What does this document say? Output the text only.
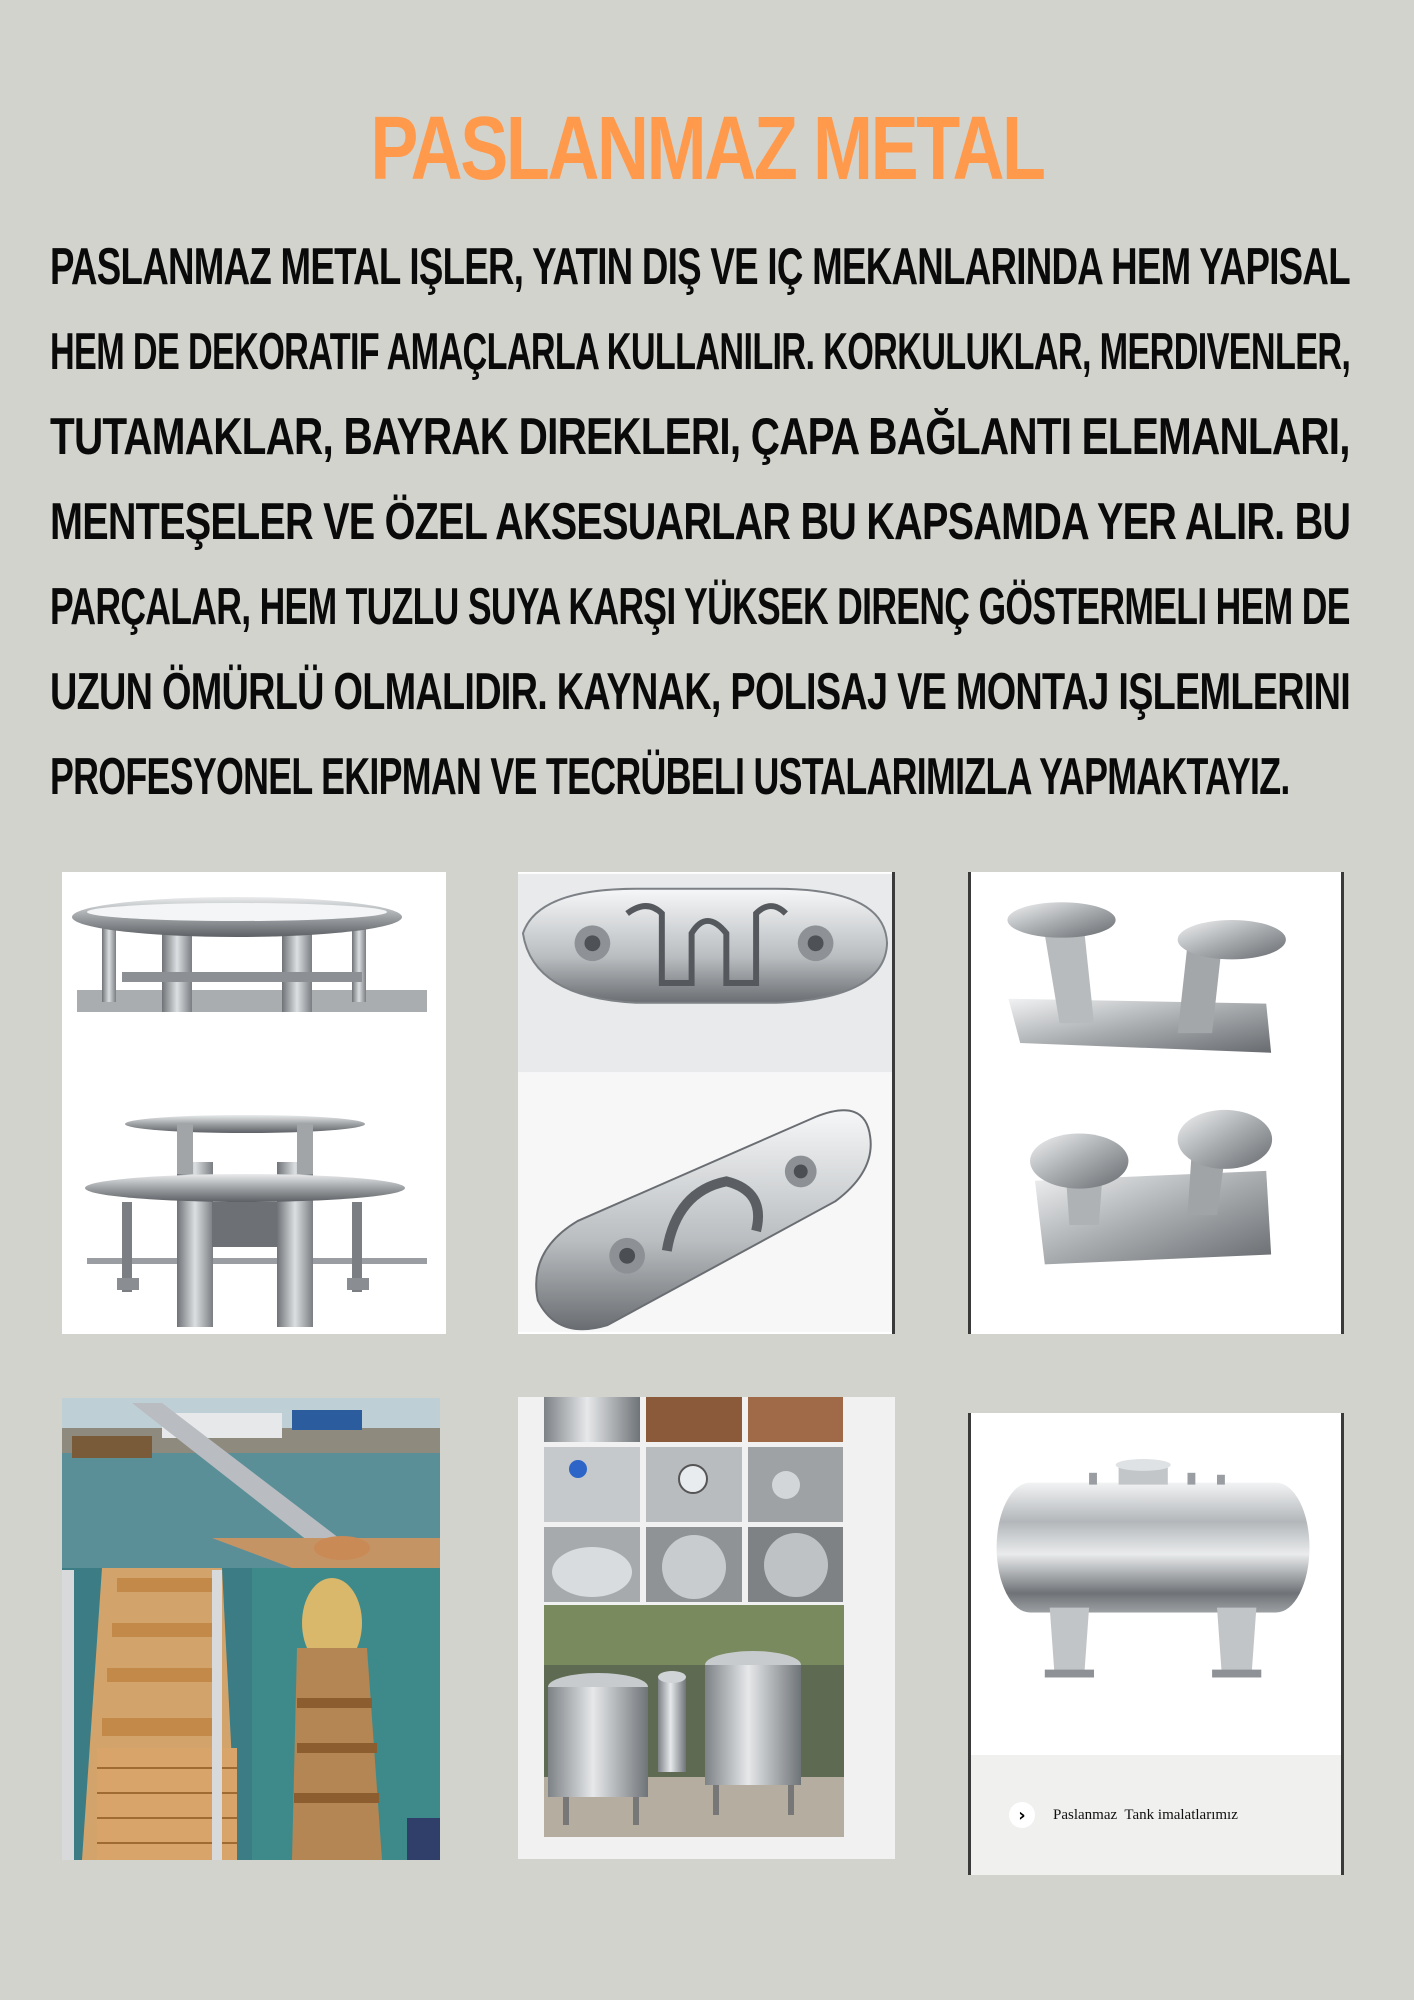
PASLANMAZ METAL
PASLANMAZ METAL IŞLER, YATIN DIŞ VE IÇ MEKANLARINDA HEM YAPISAL
HEM DE DEKORATIF AMAÇLARLA KULLANILIR. KORKULUKLAR, MERDIVENLER,
TUTAMAKLAR, BAYRAK DIREKLERI, ÇAPA BAĞLANTI ELEMANLARI,
MENTEŞELER VE ÖZEL AKSESUARLAR BU KAPSAMDA YER ALIR. BU
PARÇALAR, HEM TUZLU SUYA KARŞI YÜKSEK DIRENÇ GÖSTERMELI HEM DE
UZUN ÖMÜRLÜ OLMALIDIR. KAYNAK, POLISAJ VE MONTAJ IŞLEMLERINI
PROFESYONEL EKIPMAN VE TECRÜBELI USTALARIMIZLA YAPMAKTAYIZ.
›	Paslanmaz  Tank imalatlarımız
